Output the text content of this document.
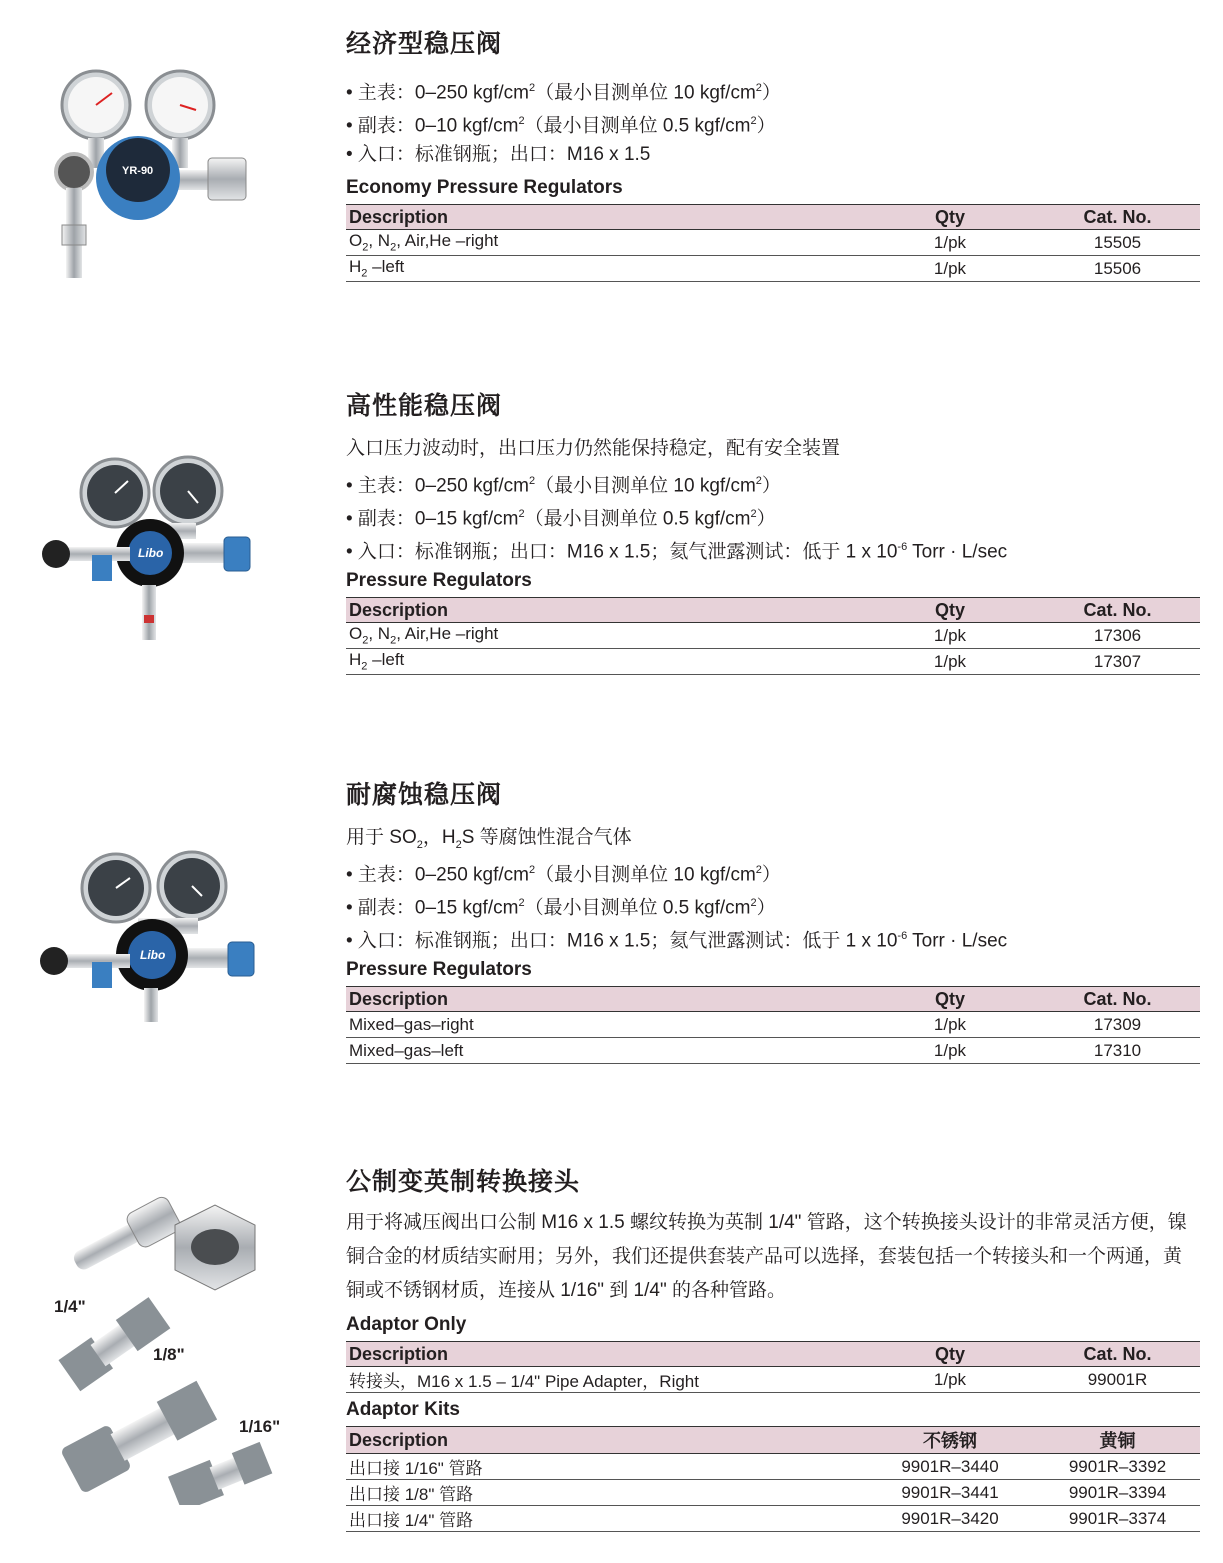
YR-90
Libo
Libo
1/4"
1/8"
1/16"
经济型稳压阀
• 主表：0–250 kgf/$cm^2$（最小目测单位 10 kgf/$cm^2$）
• 副表：0–10 kgf/$cm^2$（最小目测单位 0.5 kgf/$cm^2$）
• 入口：标准钢瓶；出口：M16 x 1.5
Economy Pressure Regulators
Description	Qty	Cat. No.
$O_2$, $N_2$, Air,He –right	1/pk	15505
$H_2$ –left	1/pk	15506
高性能稳压阀
入口压力波动时，出口压力仍然能保持稳定，配有安全装置
• 主表：0–250 kgf/$cm^2$（最小目测单位 10 kgf/$cm^2$）
• 副表：0–15 kgf/$cm^2$（最小目测单位 0.5 kgf/$cm^2$）
• 入口：标准钢瓶；出口：M16 x 1.5；氦气泄露测试：低于 1 x $10^{-6}$ Torr · L/sec
Pressure Regulators
Description	Qty	Cat. No.
$O_2$, $N_2$, Air,He –right	1/pk	17306
$H_2$ –left	1/pk	17307
耐腐蚀稳压阀
用于 $SO_2$，$H_2S$ 等腐蚀性混合气体
• 主表：0–250 kgf/$cm^2$（最小目测单位 10 kgf/$cm^2$）
• 副表：0–15 kgf/$cm^2$（最小目测单位 0.5 kgf/$cm^2$）
• 入口：标准钢瓶；出口：M16 x 1.5；氦气泄露测试：低于 1 x $10^{-6}$ Torr · L/sec
Pressure Regulators
Description	Qty	Cat. No.
Mixed–gas–right	1/pk	17309
Mixed–gas–left	1/pk	17310
公制变英制转换接头
用于将减压阀出口公制 M16 x 1.5 螺纹转换为英制 1/4" 管路，这个转换接头设计的非常灵活方便，镍铜合金的材质结实耐用；另外，我们还提供套装产品可以选择，套装包括一个转接头和一个两通，黄铜或不锈钢材质，连接从 1/16" 到 1/4" 的各种管路。
Adaptor Only
Description	Qty	Cat. No.
转接头，M16 x 1.5 – 1/4" Pipe Adapter，Right	1/pk	99001R
Adaptor Kits
Description	不锈钢	黄铜
出口接 1/16" 管路	9901R–3440	9901R–3392
出口接 1/8" 管路	9901R–3441	9901R–3394
出口接 1/4" 管路	9901R–3420	9901R–3374
